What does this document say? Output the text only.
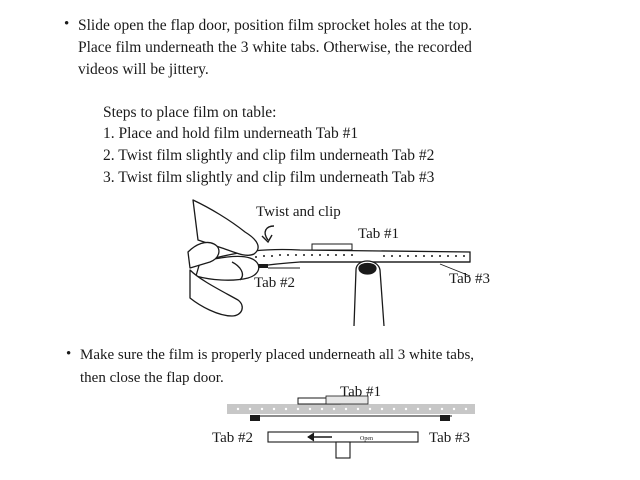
• Slide open the flap door, position film sprocket holes at the top.
Place film underneath the 3 white tabs. Otherwise, the recorded
videos will be jittery.
Steps to place film on table:
1. Place and hold film underneath Tab #1
2. Twist film slightly and clip film underneath Tab #2
3. Twist film slightly and clip film underneath Tab #3
• Make sure the film is properly placed underneath all 3 white tabs,
then close the flap door.
Twist and clip
Tab #1
Tab #2	Tab #3
Open
Tab #1
Tab #2	Tab #3
